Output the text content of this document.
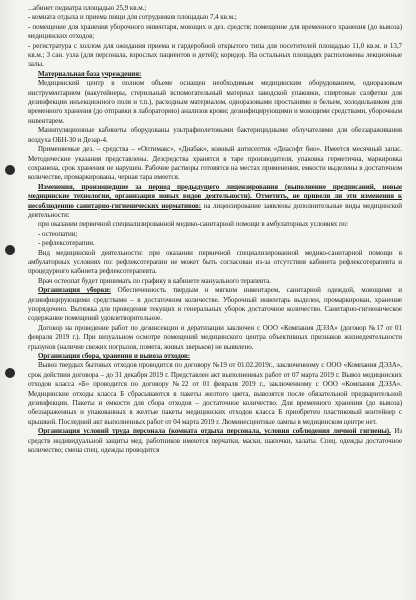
...абинет педиатра площадью 25,9 кв.м.;

- комната отдыха и приема пищи для сотрудников площадью 7,4 кв.м.;

- помещение для хранения уборочного инвентаря, моющих и дез. средств; помещение для временного хранения (до вывоза) медицинских отходов;

- регистратура с холлом для ожидания приема и гардеробной открытого типа для посетителей площадью 11,0 кв.м. и 13,7 кв.м.; 3 сан. узла (для персонала, взрослых пациентов и детей); коридор. На остальных площадях расположены лекционные залы.

Материальная база учреждения:

Медицинский центр в полном объеме оснащен необходимым медицинским оборудованием, одноразовым инструментарием (вакутейнеры, стерильный вспомогательный материал заводской упаковки, спиртовые салфетки для дезинфекции инъекционного поля и т.п.), расходным материалом, одноразовыми простынями и бельем, холодильником для временного хранения (до отправки в лабораторию) анализов крови; дезинфицирующими и моющими средствами, уборочным инвентарем.

Манипуляционные кабинеты оборудованы ультрафиолетовыми бактерицидными облучателями для обеззараживания воздуха ОБН-30 и Дезар-4.

Применяемые дез. – средства – «Оптимакс», «Диабак», кожный антисептик «Диасофт био». Имеется месячный запас. Методические указания представлены. Дезсредства хранятся в таре производителя, упаковка герметична, маркировка сохранена, срок хранения не нарушен. Рабочие растворы готовятся на местах применения, емкости выделены в достаточном количестве, промаркированы, черная тара имеется.

Изменения, произошедшие за период предыдущего лицензирования (выполнение предписаний, новые медицинские технологии, организация новых видов деятельности). Отметить, не привели ли эти изменения к несоблюдению санитарно-гигиенических нормативов: на лицензирование заявлены дополнительные виды медицинской деятельности:

при оказании первичной специализированной медико-санитарной помощи в амбулаторных условиях по:

- остеопатии;

- рефлексотерапии.

Вид медицинской деятельности: при оказании первичной специализированной медико-санитарной помощи в амбулаторных условиях по: рефлексотерапии не может быть согласован из-за отсутствия кабинета рефлексотерапевта и процедурного кабинета рефлексотерапевта.

Врач остеопат будет принимать по графику в кабинете мануального терапевта.

Организация уборки: Обеспеченность твердым и мягким инвентарем, санитарной одеждой, моющими и дезинфицирующими средствами – в достаточном количестве. Уборочный инвентарь выделен, промаркирован, хранение упорядочено. Вытяжка для проведения текущих и генеральных уборок достаточное количество. Санитарно-гигиеническое содержание помещений удовлетворительное.

Договор на проведение работ по дезинсекции и дератизации заключен с ООО «Компания ДЭЗА» (договор №17 от 01 февраля 2019 г.). При визуальном осмотре помещений медицинского центра объективных признаков жизнедеятельности грызунов (наличие свежих погрызов, помета, живых зверьков) не выявлено.

Организация сбора, хранения и вывоза отходов:

Вывоз твердых бытовых отходов проводится по договору №19 от 01.02.2019г., заключенному с ООО «Компания ДЭЗА», срок действия договора – до 31 декабря 2019 г. Представлен акт выполненных работ от 07 марта 2019 г. Вывоз медицинских отходов класса «Б» проводится по договору №22 от 01 февраля 2019 г., заключенному с ООО «Компания ДЭЗА». Медицинские отходы класса Б сбрасываются в пакеты желтого цвета, вывозятся после обязательной предварительной дезинфекции. Пакеты и емкости для сбора отходов – достаточное количество. Для временного хранения (до вывоза) обеззараженных и упакованных в желтые пакеты медицинских отходов класса Б приобретен пластиковый контейнер с крышкой. Последний акт выполненных работ от 04 марта 2019 г. Люминесцентные лампы в медицинском центре нет.

Организация условий труда персонала (комната отдыха персонала, условия соблюдения личной гигиены). Из средств индивидуальной защиты мед. работников имеются перчатки, маски, шапочки, халаты. Спец. одежды достаточное количество; смена спец. одежды проводится
